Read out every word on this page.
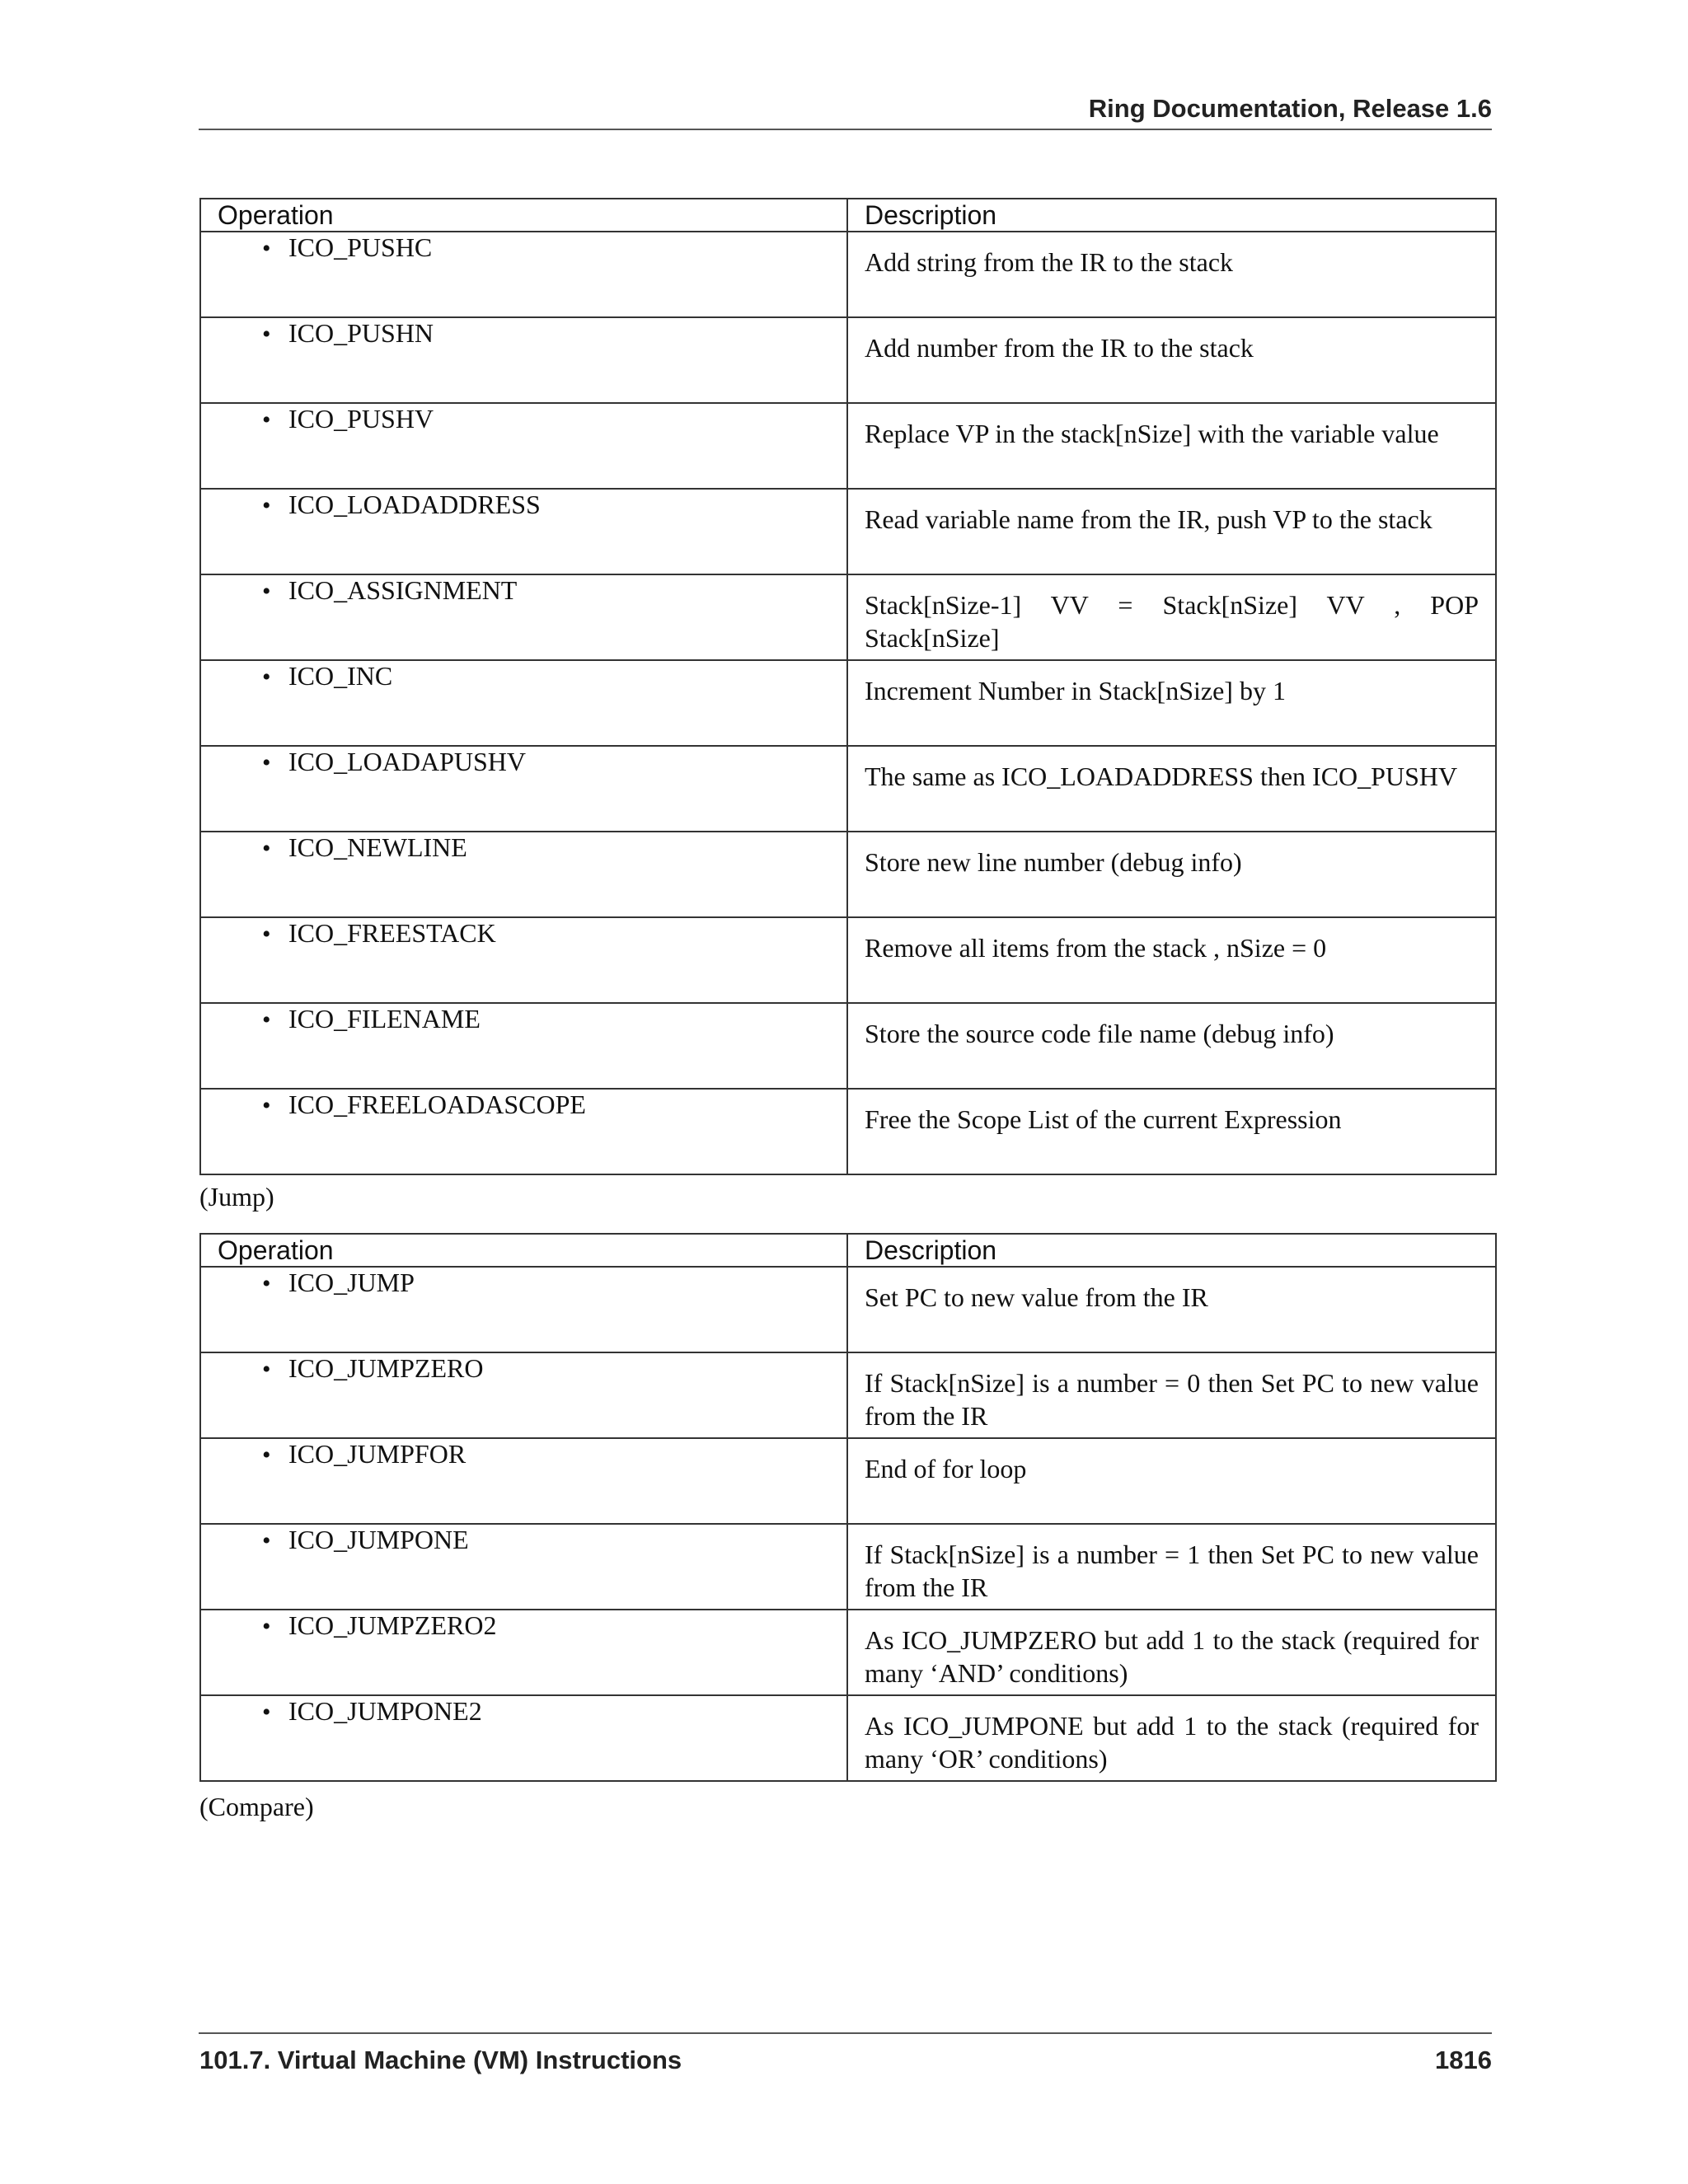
Ring Documentation, Release 1.6
Operation	Description
• ICO_PUSHC	Add string from the IR to the stack
• ICO_PUSHN	Add number from the IR to the stack
• ICO_PUSHV	Replace VP in the stack[nSize] with the variable value
• ICO_LOADADDRESS	Read variable name from the IR, push VP to the stack
• ICO_ASSIGNMENT	Stack[nSize-1] VV = Stack[nSize] VV , POP Stack[nSize]
• ICO_INC	Increment Number in Stack[nSize] by 1
• ICO_LOADAPUSHV	The same as ICO_LOADADDRESS then ICO_PUSHV
• ICO_NEWLINE	Store new line number (debug info)
• ICO_FREESTACK	Remove all items from the stack , nSize = 0
• ICO_FILENAME	Store the source code file name (debug info)
• ICO_FREELOADASCOPE	Free the Scope List of the current Expression
(Jump)
Operation	Description
• ICO_JUMP	Set PC to new value from the IR
• ICO_JUMPZERO	If Stack[nSize] is a number = 0 then Set PC to new value from the IR
• ICO_JUMPFOR	End of for loop
• ICO_JUMPONE	If Stack[nSize] is a number = 1 then Set PC to new value from the IR
• ICO_JUMPZERO2	As ICO_JUMPZERO but add 1 to the stack (required for many ‘AND’ conditions)
• ICO_JUMPONE2	As ICO_JUMPONE but add 1 to the stack (required for many ‘OR’ conditions)
(Compare)
101.7. Virtual Machine (VM) Instructions	1816
